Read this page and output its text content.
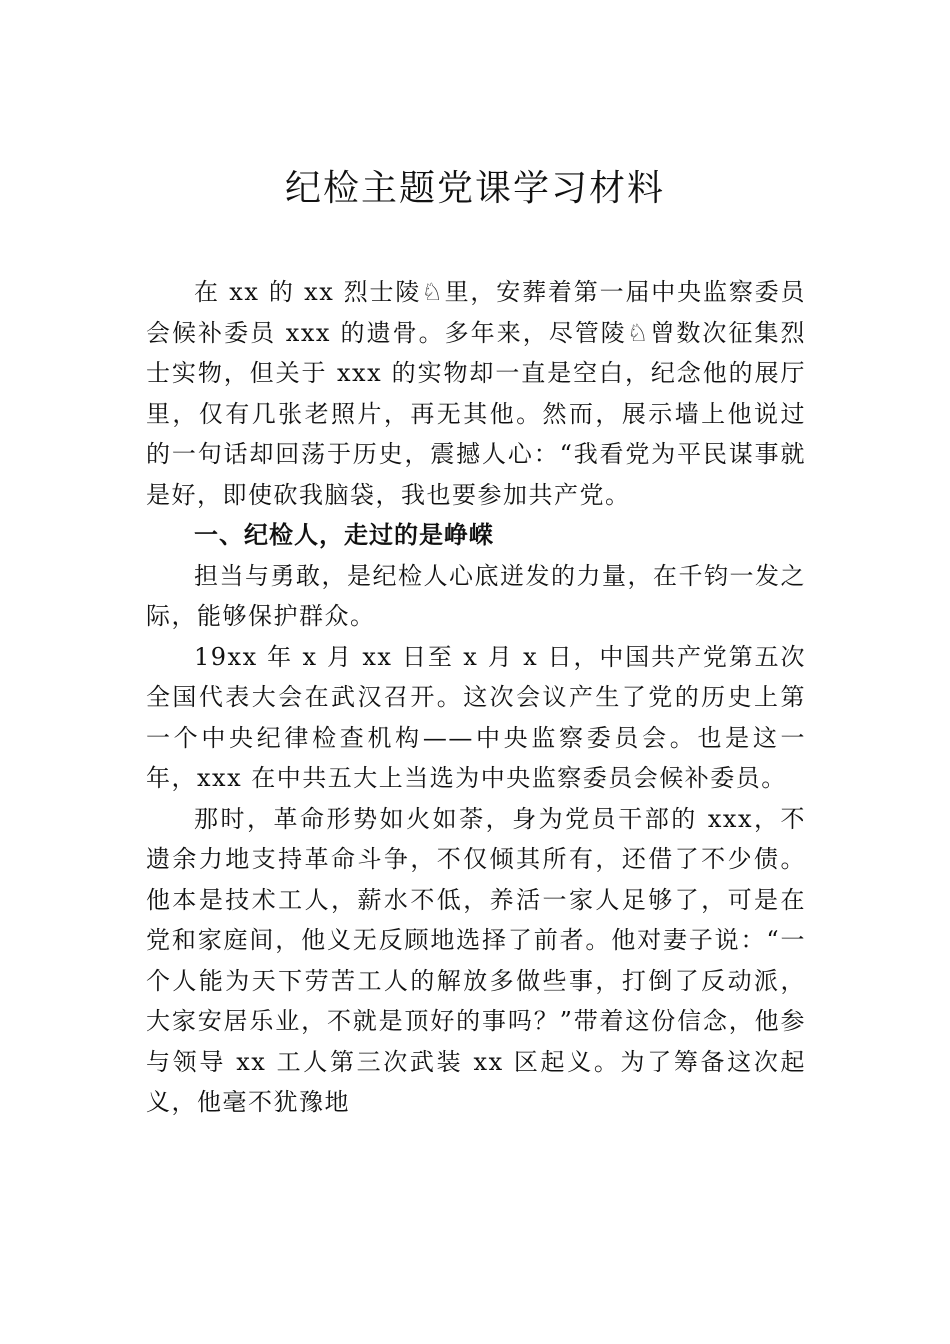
纪检主题党课学习材料

在 xx 的 xx 烈士陵♘里，安葬着第一届中央监察委员会候补委员 xxx 的遗骨。多年来，尽管陵♘曾数次征集烈士实物，但关于 xxx 的实物却一直是空白，纪念他的展厅里，仅有几张老照片，再无其他。然而，展示墙上他说过的一句话却回荡于历史，震撼人心：“我看党为平民谋事就是好，即使砍我脑袋，我也要参加共产党。

一、纪检人，走过的是峥嵘

担当与勇敢，是纪检人心底迸发的力量，在千钧一发之际，能够保护群众。

19xx 年 x 月 xx 日至 x 月 x 日，中国共产党第五次全国代表大会在武汉召开。这次会议产生了党的历史上第一个中央纪律检查机构——中央监察委员会。也是这一年，xxx 在中共五大上当选为中央监察委员会候补委员。

那时，革命形势如火如荼，身为党员干部的 xxx，不遗余力地支持革命斗争，不仅倾其所有，还借了不少债。他本是技术工人，薪水不低，养活一家人足够了，可是在党和家庭间，他义无反顾地选择了前者。他对妻子说：“一个人能为天下劳苦工人的解放多做些事，打倒了反动派，大家安居乐业，不就是顶好的事吗？”带着这份信念，他参与领导 xx 工人第三次武装 xx 区起义。为了筹备这次起义，他毫不犹豫地
